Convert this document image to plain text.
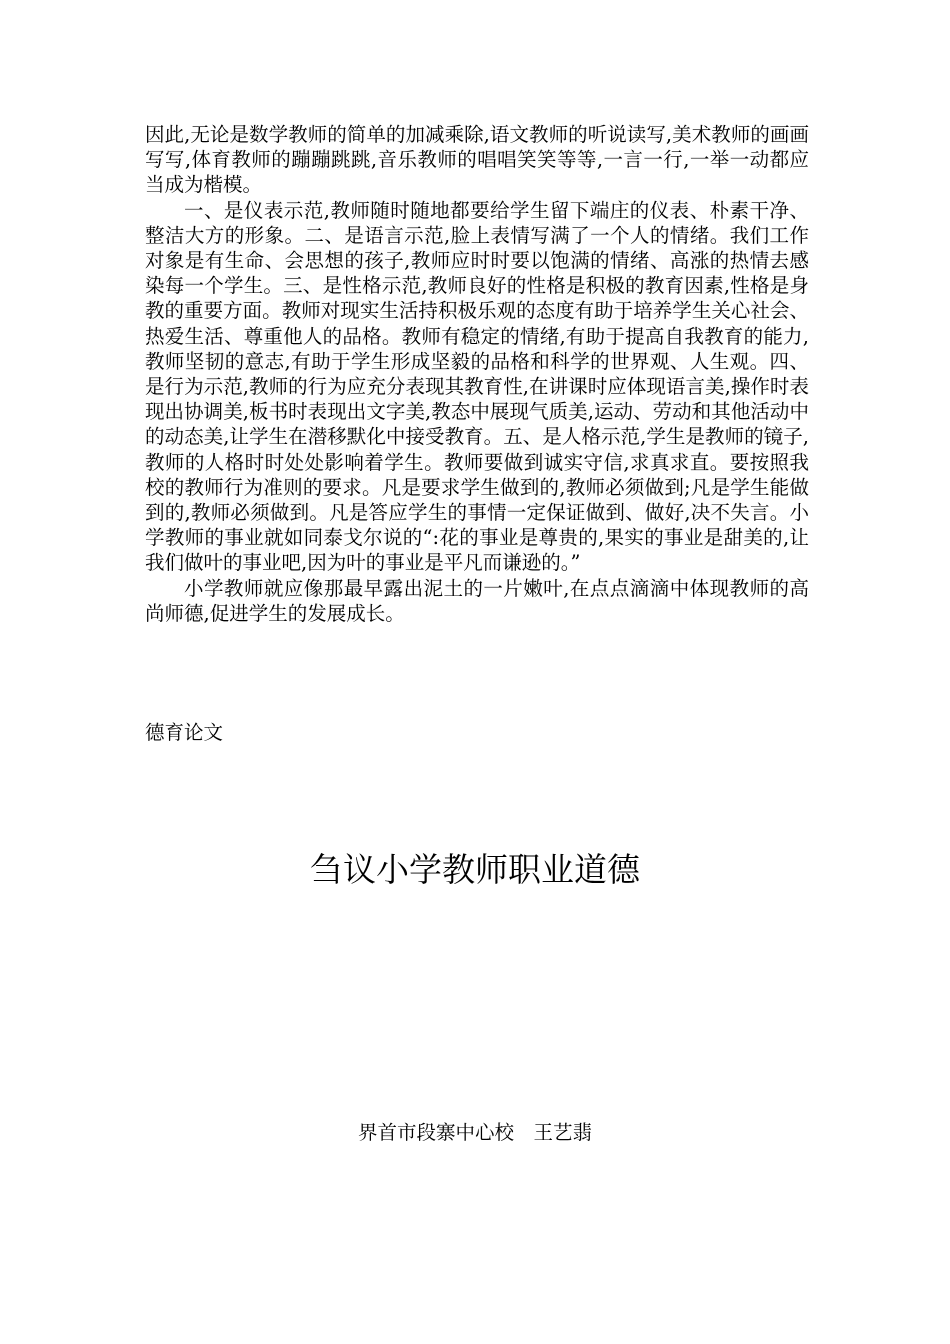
因此,无论是数学教师的简单的加减乘除,语文教师的听说读写,美术教师的画画写写,体育教师的蹦蹦跳跳,音乐教师的唱唱笑笑等等,一言一行,一举一动都应当成为楷模。

一、是仪表示范,教师随时随地都要给学生留下端庄的仪表、朴素干净、整洁大方的形象。二、是语言示范,脸上表情写满了一个人的情绪。我们工作对象是有生命、会思想的孩子,教师应时时要以饱满的情绪、高涨的热情去感染每一个学生。三、是性格示范,教师良好的性格是积极的教育因素,性格是身教的重要方面。教师对现实生活持积极乐观的态度有助于培养学生关心社会、热爱生活、尊重他人的品格。教师有稳定的情绪,有助于提高自我教育的能力,教师坚韧的意志,有助于学生形成坚毅的品格和科学的世界观、人生观。四、是行为示范,教师的行为应充分表现其教育性,在讲课时应体现语言美,操作时表现出协调美,板书时表现出文字美,教态中展现气质美,运动、劳动和其他活动中的动态美,让学生在潜移默化中接受教育。五、是人格示范,学生是教师的镜子,教师的人格时时处处影响着学生。教师要做到诚实守信,求真求直。要按照我校的教师行为准则的要求。凡是要求学生做到的,教师必须做到;凡是学生能做到的,教师必须做到。凡是答应学生的事情一定保证做到、做好,决不失言。小学教师的事业就如同泰戈尔说的“:花的事业是尊贵的,果实的事业是甜美的,让我们做叶的事业吧,因为叶的事业是平凡而谦逊的。”

小学教师就应像那最早露出泥土的一片嫩叶,在点点滴滴中体现教师的高尚师德,促进学生的发展成长。

德育论文
刍议小学教师职业道德
界首市段寨中心校　王艺翡
